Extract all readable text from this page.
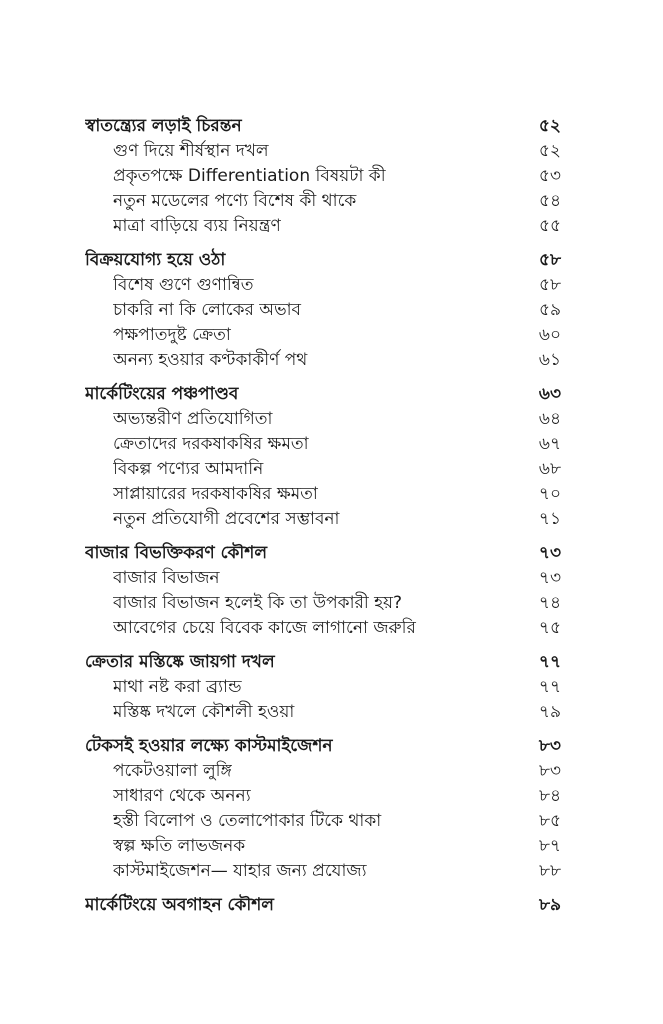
স্বাতন্ত্র্যের লড়াই চিরন্তন	৫২
গুণ দিয়ে শীর্ষস্থান দখল	৫২
প্রকৃতপক্ষে Differentiation বিষয়টা কী	৫৩
নতুন মডেলের পণ্যে বিশেষ কী থাকে	৫৪
মাত্রা বাড়িয়ে ব্যয় নিয়ন্ত্রণ	৫৫
বিক্রয়যোগ্য হয়ে ওঠা	৫৮
বিশেষ গুণে গুণান্বিত	৫৮
চাকরি না কি লোকের অভাব	৫৯
পক্ষপাতদুষ্ট ক্রেতা	৬০
অনন্য হওয়ার কণ্টকাকীর্ণ পথ	৬১
মার্কেটিংয়ের পঞ্চপাণ্ডব	৬৩
অভ্যন্তরীণ প্রতিযোগিতা	৬৪
ক্রেতাদের দরকষাকষির ক্ষমতা	৬৭
বিকল্প পণ্যের আমদানি	৬৮
সাপ্লায়ারের দরকষাকষির ক্ষমতা	৭০
নতুন প্রতিযোগী প্রবেশের সম্ভাবনা	৭১
বাজার বিভক্তিকরণ কৌশল	৭৩
বাজার বিভাজন	৭৩
বাজার বিভাজন হলেই কি তা উপকারী হয়?	৭৪
আবেগের চেয়ে বিবেক কাজে লাগানো জরুরি	৭৫
ক্রেতার মস্তিষ্কে জায়গা দখল	৭৭
মাথা নষ্ট করা ব্র্যান্ড	৭৭
মস্তিষ্ক দখলে কৌশলী হওয়া	৭৯
টেকসই হওয়ার লক্ষ্যে কাস্টমাইজেশন	৮৩
পকেটওয়ালা লুঙ্গি	৮৩
সাধারণ থেকে অনন্য	৮৪
হস্তী বিলোপ ও তেলাপোকার টিকে থাকা	৮৫
স্বল্প ক্ষতি লাভজনক	৮৭
কাস্টমাইজেশন— যাহার জন্য প্রযোজ্য	৮৮
মার্কেটিংয়ে অবগাহন কৌশল	৮৯
